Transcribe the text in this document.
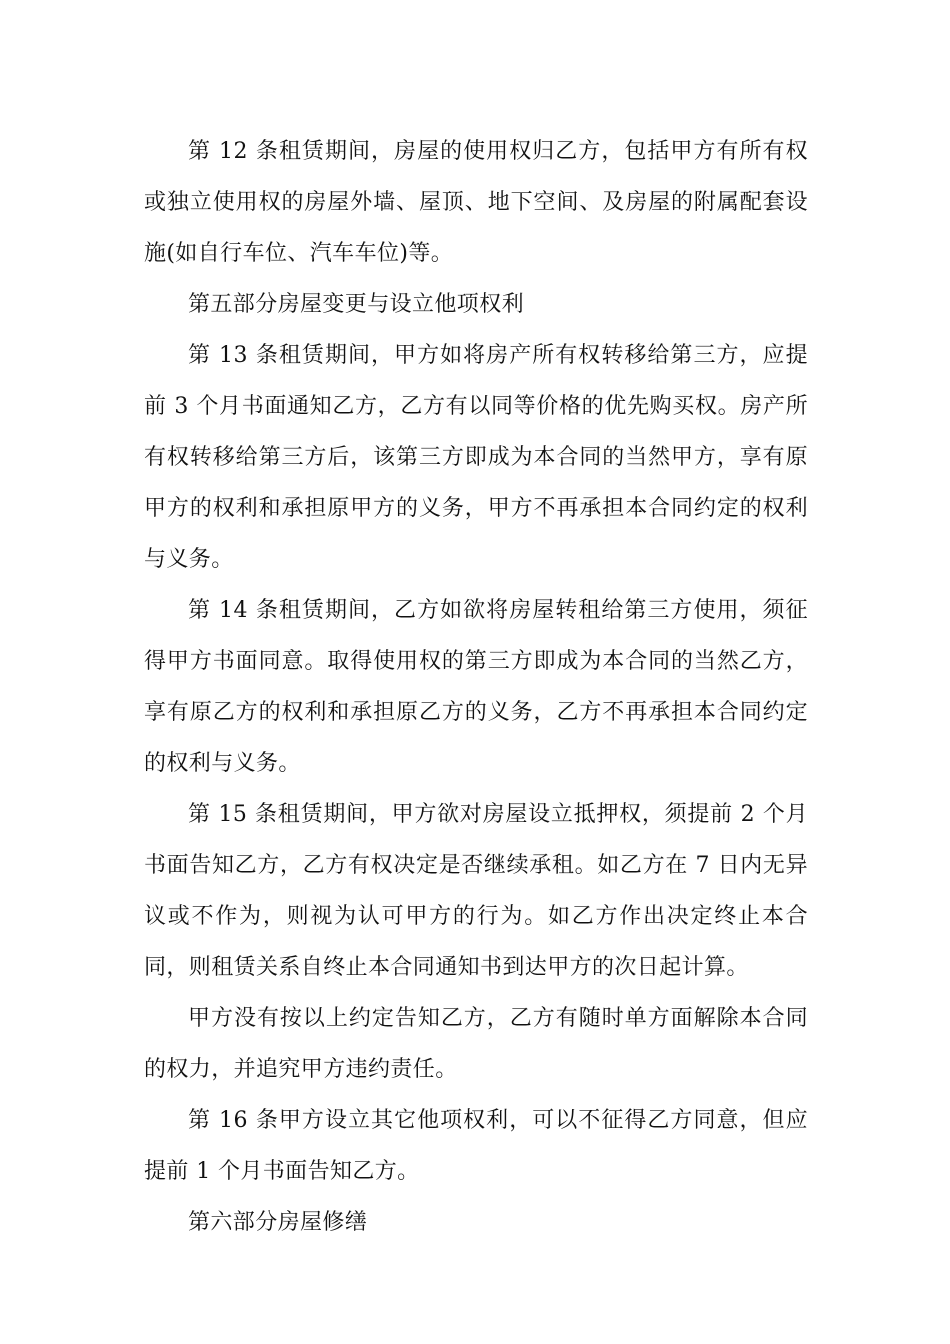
第 12 条租赁期间，房屋的使用权归乙方，包括甲方有所有权或独立使用权的房屋外墙、屋顶、地下空间、及房屋的附属配套设施(如自行车位、汽车车位)等。

第五部分房屋变更与设立他项权利

第 13 条租赁期间，甲方如将房产所有权转移给第三方，应提前 3 个月书面通知乙方，乙方有以同等价格的优先购买权。房产所有权转移给第三方后，该第三方即成为本合同的当然甲方，享有原甲方的权利和承担原甲方的义务，甲方不再承担本合同约定的权利与义务。

第 14 条租赁期间，乙方如欲将房屋转租给第三方使用，须征得甲方书面同意。取得使用权的第三方即成为本合同的当然乙方，享有原乙方的权利和承担原乙方的义务，乙方不再承担本合同约定的权利与义务。

第 15 条租赁期间，甲方欲对房屋设立抵押权，须提前 2 个月书面告知乙方，乙方有权决定是否继续承租。如乙方在 7 日内无异议或不作为，则视为认可甲方的行为。如乙方作出决定终止本合同，则租赁关系自终止本合同通知书到达甲方的次日起计算。

甲方没有按以上约定告知乙方，乙方有随时单方面解除本合同的权力，并追究甲方违约责任。

第 16 条甲方设立其它他项权利，可以不征得乙方同意，但应提前 1 个月书面告知乙方。

第六部分房屋修缮
